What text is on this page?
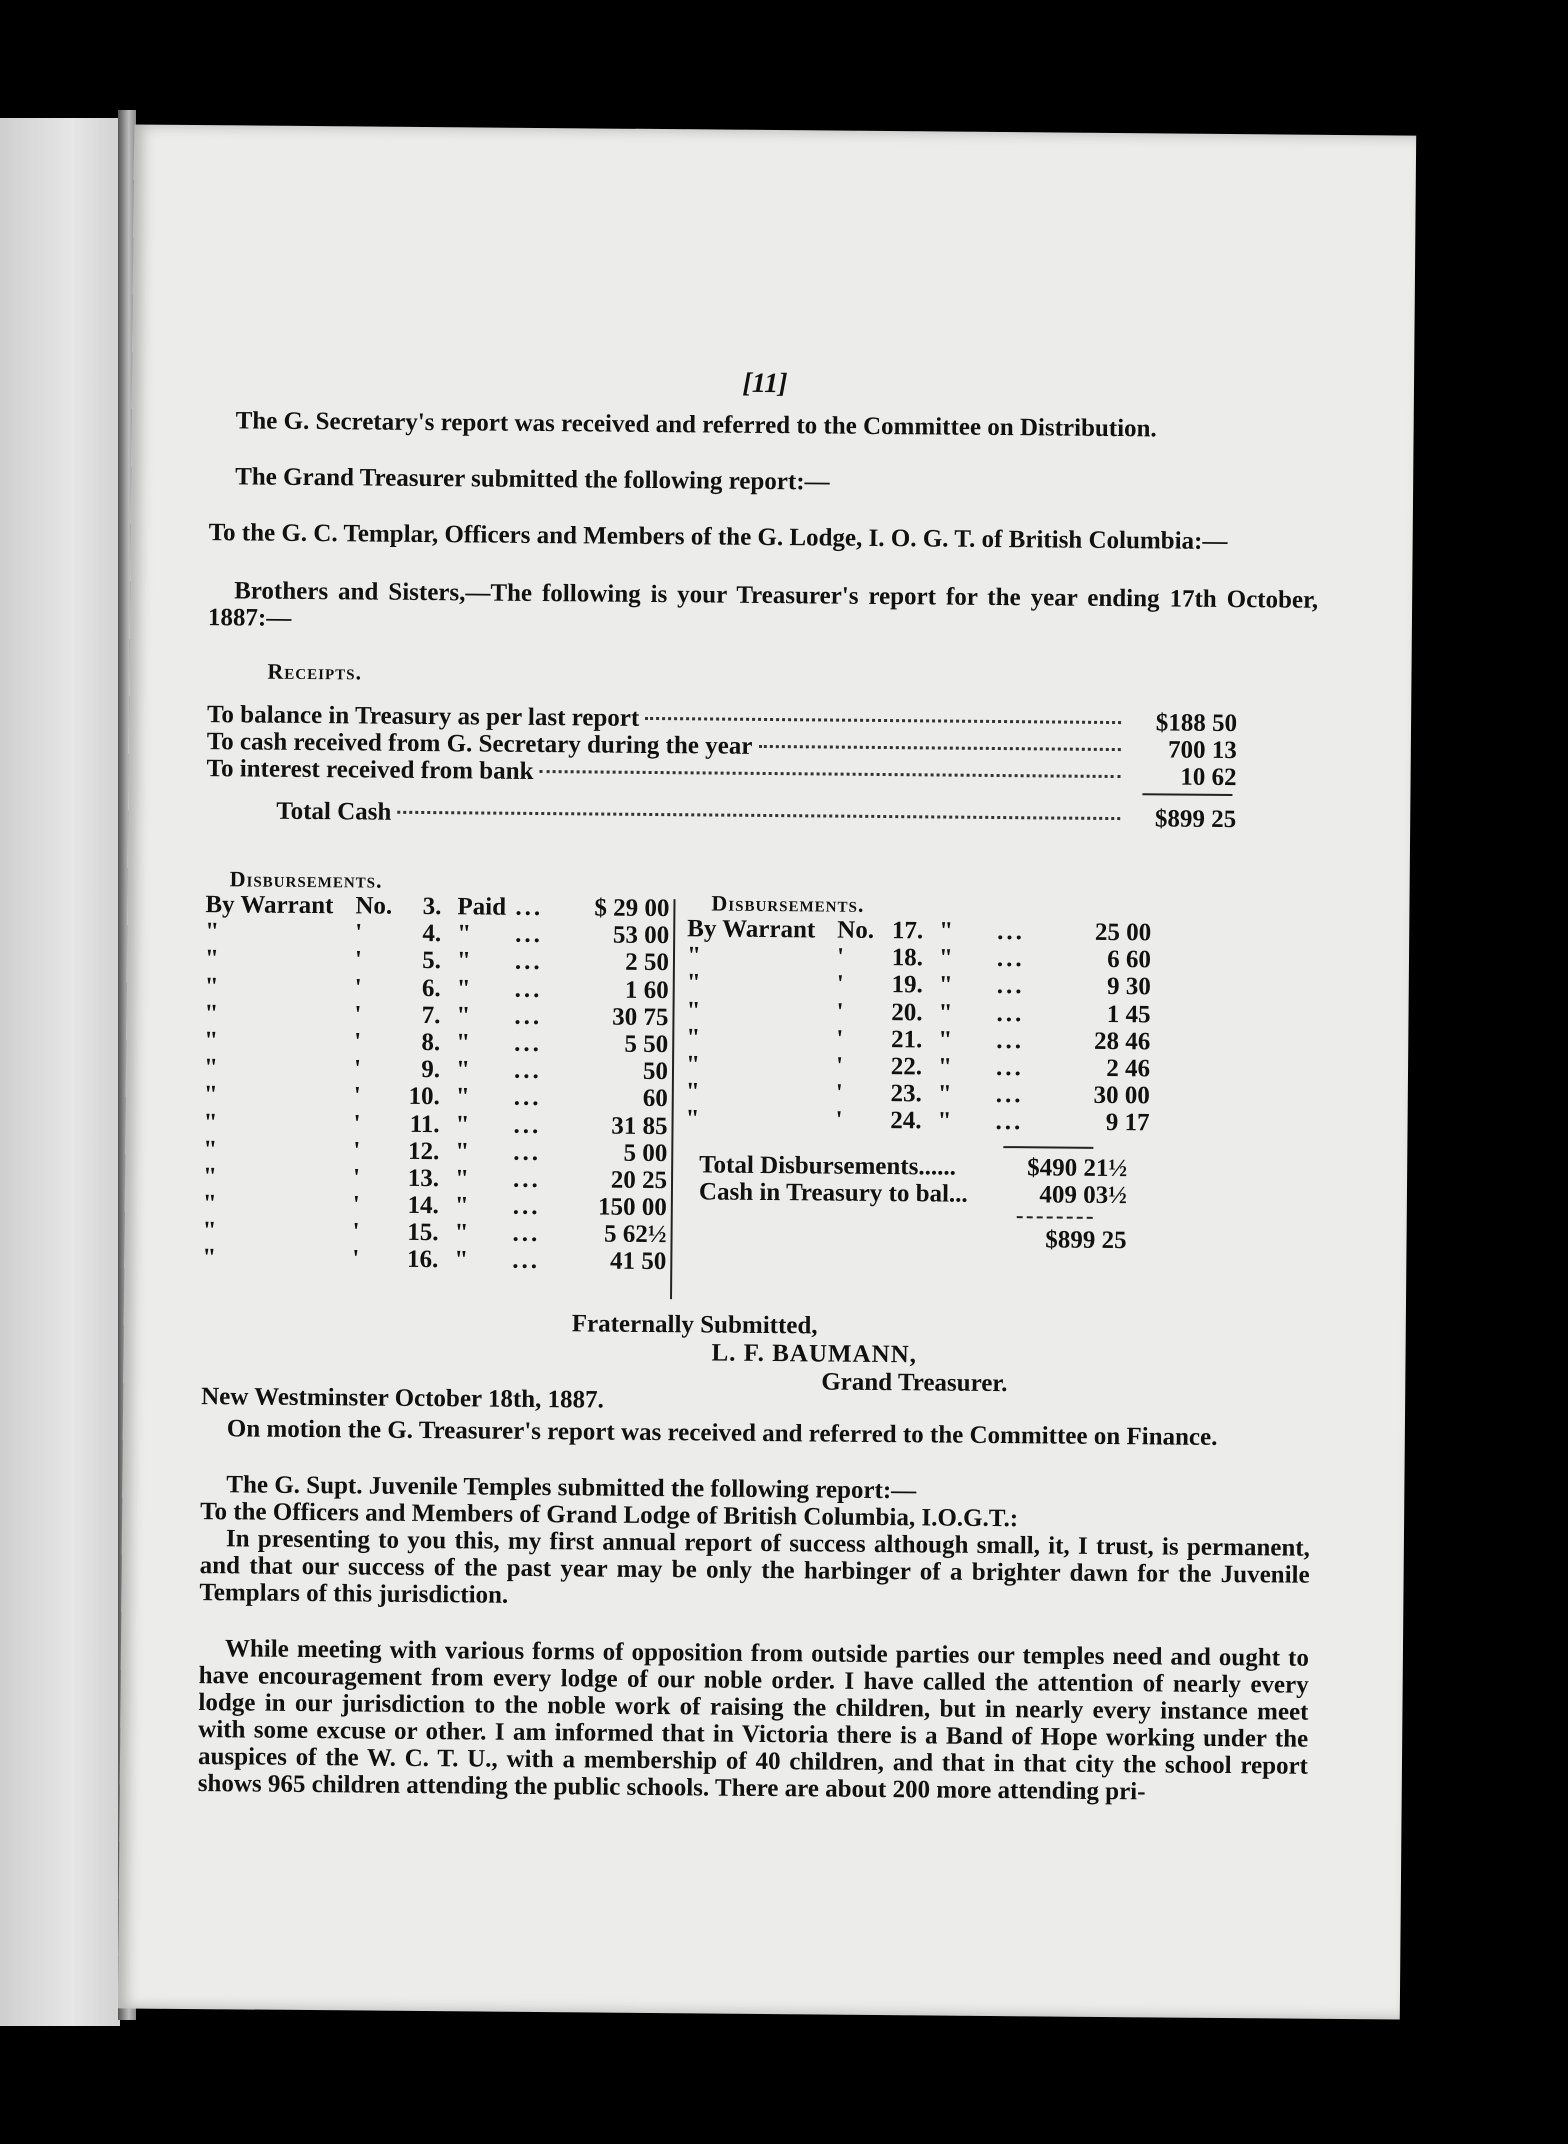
[11]
The G. Secretary's report was received and referred to the Committee on Distribution.
The Grand Treasurer submitted the following report:—
To the G. C. Templar, Officers and Members of the G. Lodge, I. O. G. T. of British Columbia:—
Brothers and Sisters,—The following is your Treasurer's report for the year ending 17th October, 1887:—
Receipts.
To balance in Treasury as per last report	$188 50
To cash received from G. Secretary during the year	700 13
To interest received from bank	10 62
Total Cash	$899 25
Disbursements.
By Warrant No.	3. Paid ...	$ 29 00
"	'	4. "	...	53 00
"	'	5. "	...	2 50
"	'	6. "	...	1 60
"	'	7. "	...	30 75
"	'	8. "	...	5 50
"	'	9. "	...	50
"	'	10. "	...	60
"	'	11. "	...	31 85
"	'	12. "	...	5 00
"	'	13. "	...	20 25
"	'	14. "	...	150 00
"	'	15. "	...	5 62½
"	'	16. "	...	41 50
Disbursements.
By Warrant No. 17. "	...	25 00
"	'	18. "	...	6 60
"	'	19. "	...	9 30
"	'	20. "	...	1 45
"	'	21. "	...	28 46
"	'	22. "	...	2 46
"	'	23. "	...	30 00
"	'	24. "	...	9 17
Total Disbursements......	$490 21½
Cash in Treasury to bal...	409 03½
$899 25
Fraternally Submitted,
L. F. BAUMANN,
Grand Treasurer.
New Westminster October 18th, 1887.
On motion the G. Treasurer's report was received and referred to the Committee on Finance.
The G. Supt. Juvenile Temples submitted the following report:—
To the Officers and Members of Grand Lodge of British Columbia, I.O.G.T.:
In presenting to you this, my first annual report of success although small, it, I trust, is permanent, and that our success of the past year may be only the harbinger of a brighter dawn for the Juvenile Templars of this jurisdiction.
While meeting with various forms of opposition from outside parties our temples need and ought to have encouragement from every lodge of our noble order. I have called the attention of nearly every lodge in our jurisdiction to the noble work of raising the children, but in nearly every instance meet with some excuse or other. I am informed that in Victoria there is a Band of Hope working under the auspices of the W. C. T. U., with a membership of 40 children, and that in that city the school report shows 965 children attending the public schools. There are about 200 more attending pri-
